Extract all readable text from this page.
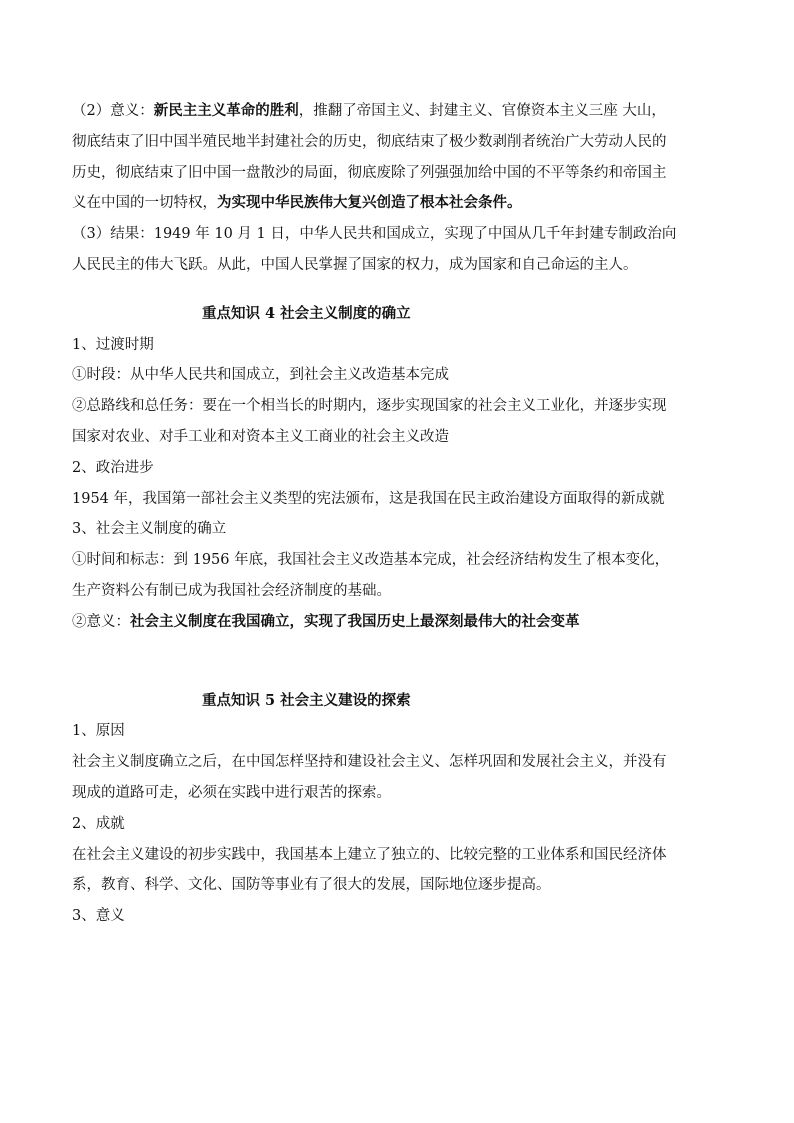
（2）意义：新民主主义革命的胜利，推翻了帝国主义、封建主义、官僚资本主义三座 大山，
彻底结束了旧中国半殖民地半封建社会的历史，彻底结束了极少数剥削者统治广大劳动人民的
历史，彻底结束了旧中国一盘散沙的局面，彻底废除了列强强加给中国的不平等条约和帝国主
义在中国的一切特权，为实现中华民族伟大复兴创造了根本社会条件。
（3）结果：1949 年 10 月 1 日，中华人民共和国成立，实现了中国从几千年封建专制政治向
人民民主的伟大飞跃。从此，中国人民掌握了国家的权力，成为国家和自己命运的主人。
重点知识 4 社会主义制度的确立
1、过渡时期
①时段：从中华人民共和国成立，到社会主义改造基本完成
②总路线和总任务：要在一个相当长的时期内，逐步实现国家的社会主义工业化，并逐步实现
国家对农业、对手工业和对资本主义工商业的社会主义改造
2、政治进步
1954 年，我国第一部社会主义类型的宪法颁布，这是我国在民主政治建设方面取得的新成就
3、社会主义制度的确立
①时间和标志：到 1956 年底，我国社会主义改造基本完成，社会经济结构发生了根本变化，
生产资料公有制已成为我国社会经济制度的基础。
②意义：社会主义制度在我国确立，实现了我国历史上最深刻最伟大的社会变革
重点知识 5 社会主义建设的探索
1、原因
社会主义制度确立之后，在中国怎样坚持和建设社会主义、怎样巩固和发展社会主义，并没有
现成的道路可走，必须在实践中进行艰苦的探索。
2、成就
在社会主义建设的初步实践中，我国基本上建立了独立的、比较完整的工业体系和国民经济体
系，教育、科学、文化、国防等事业有了很大的发展，国际地位逐步提高。
3、意义
